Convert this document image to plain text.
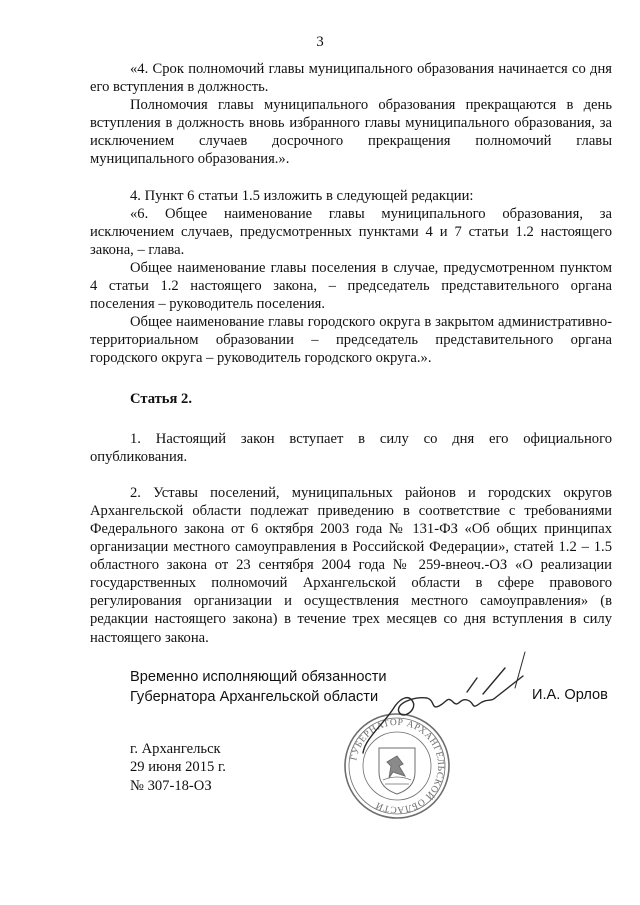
3

«4. Срок полномочий главы муниципального образования начинается со дня его вступления в должность.

Полномочия главы муниципального образования прекращаются в день вступления в должность вновь избранного главы муниципального образования, за исключением случаев досрочного прекращения полномочий главы муниципального образования.».

4. Пункт 6 статьи 1.5 изложить в следующей редакции:

«6. Общее наименование главы муниципального образования, за исключением случаев, предусмотренных пунктами 4 и 7 статьи 1.2 настоящего закона, – глава.

Общее наименование главы поселения в случае, предусмотренном пунктом 4 статьи 1.2 настоящего закона, – председатель представительного органа поселения – руководитель поселения.

Общее наименование главы городского округа в закрытом административно-территориальном образовании – председатель представительного органа городского округа – руководитель городского округа.».

Статья 2.

1. Настоящий закон вступает в силу со дня его официального опубликования.

2. Уставы поселений, муниципальных районов и городских округов Архангельской области подлежат приведению в соответствие с требованиями Федерального закона от 6 октября 2003 года № 131-ФЗ «Об общих принципах организации местного самоуправления в Российской Федерации», статей 1.2 – 1.5 областного закона от 23 сентября 2004 года № 259-внеоч.-ОЗ «О реализации государственных полномочий Архангельской области в сфере правового регулирования организации и осуществления местного самоуправления» (в редакции настоящего закона) в течение трех месяцев со дня вступления в силу настоящего закона.

Временно исполняющий обязанности
Губернатора Архангельской области	И.А. Орлов
ГУБЕРНАТОР АРХАНГЕЛЬСКОЙ ОБЛАСТИ
г. Архангельск
29 июня 2015 г.
№ 307-18-ОЗ
